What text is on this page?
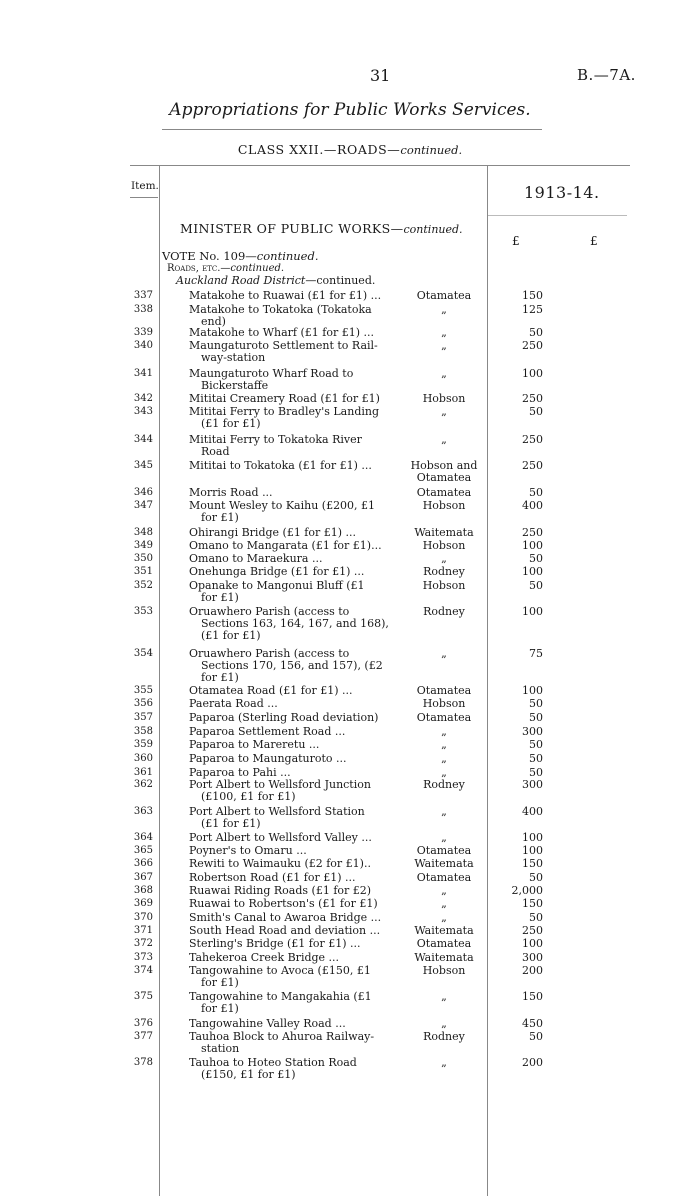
31	B.—7A.
Appropriations for Public Works Services.
CLASS XXII.—ROADS—continued.
Item.	1913-14.
MINISTER OF PUBLIC WORKS—continued.
£	£
VOTE No. 109—continued.
Roads, etc.—continued.
Auckland Road District—continued.
337	Matakohe to Ruawai (£1 for £1) ...	Otamatea	150
338	Matakohe to Tokatoka (Tokatoka
end)
„	125
339	Matakohe to Wharf (£1 for £1) ...	„	50
340	Maungaturoto Settlement to Rail-
way-station
„	250
341	Maungaturoto Wharf Road to
Bickerstaffe
„	100
342	Mititai Creamery Road (£1 for £1)	Hobson	250
343	Mititai Ferry to Bradley's Landing
(£1 for £1)
„	50
344	Mititai Ferry to Tokatoka River
Road
„	250
345	Mititai to Tokatoka (£1 for £1) ...	Hobson and
Otamatea
250
346	Morris Road ...	Otamatea	50
347	Mount Wesley to Kaihu (£200, £1
for £1)
Hobson	400
348	Ohirangi Bridge (£1 for £1) ...	Waitemata	250
349	Omano to Mangarata (£1 for £1)...	Hobson	100
350	Omano to Maraekura ...	„	50
351	Onehunga Bridge (£1 for £1) ...	Rodney	100
352	Opanake to Mangonui Bluff (£1
for £1)
Hobson	50
353	Oruawhero Parish (access to
Sections 163, 164, 167, and 168),
(£1 for £1)
Rodney	100
354	Oruawhero Parish (access to
Sections 170, 156, and 157), (£2
for £1)
„	75
355	Otamatea Road (£1 for £1) ...	Otamatea	100
356	Paerata Road ...	Hobson	50
357	Paparoa (Sterling Road deviation)	Otamatea	50
358	Paparoa Settlement Road ...	„	300
359	Paparoa to Mareretu ...	„	50
360	Paparoa to Maungaturoto ...	„	50
361	Paparoa to Pahi ...	„	50
362	Port Albert to Wellsford Junction
(£100, £1 for £1)
Rodney	300
363	Port Albert to Wellsford Station
(£1 for £1)
„	400
364	Port Albert to Wellsford Valley ...	„	100
365	Poyner's to Omaru ...	Otamatea	100
366	Rewiti to Waimauku (£2 for £1)..	Waitemata	150
367	Robertson Road (£1 for £1) ...	Otamatea	50
368	Ruawai Riding Roads (£1 for £2)	„	2,000
369	Ruawai to Robertson's (£1 for £1)	„	150
370	Smith's Canal to Awaroa Bridge ...	„	50
371	South Head Road and deviation ...	Waitemata	250
372	Sterling's Bridge (£1 for £1) ...	Otamatea	100
373	Tahekeroa Creek Bridge ...	Waitemata	300
374	Tangowahine to Avoca (£150, £1
for £1)
Hobson	200
375	Tangowahine to Mangakahia (£1
for £1)
„	150
376	Tangowahine Valley Road ...	„	450
377	Tauhoa Block to Ahuroa Railway-
station
Rodney	50
378	Tauhoa to Hoteo Station Road
(£150, £1 for £1)
„	200
